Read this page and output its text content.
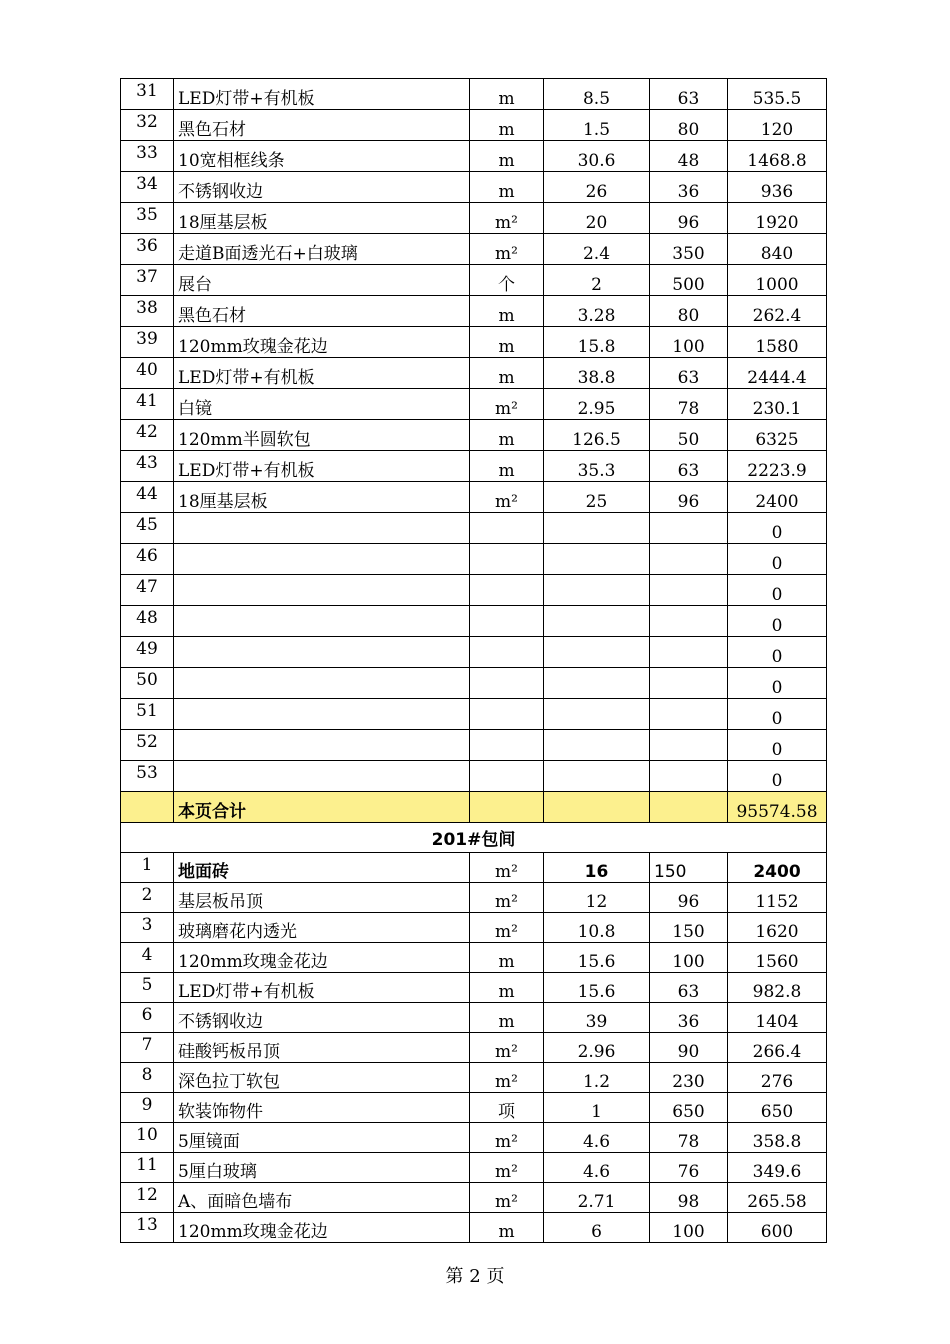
31	LED灯带+有机板	m	8.5	63	535.5
32	黑色石材	m	1.5	80	120
33	10宽相框线条	m	30.6	48	1468.8
34	不锈钢收边	m	26	36	936
35	18厘基层板	m²	20	96	1920
36	走道B面透光石+白玻璃	m²	2.4	350	840
37	展台	个	2	500	1000
38	黑色石材	m	3.28	80	262.4
39	120mm玫瑰金花边	m	15.8	100	1580
40	LED灯带+有机板	m	38.8	63	2444.4
41	白镜	m²	2.95	78	230.1
42	120mm半圆软包	m	126.5	50	6325
43	LED灯带+有机板	m	35.3	63	2223.9
44	18厘基层板	m²	25	96	2400
45					0
46					0
47					0
48					0
49					0
50					0
51					0
52					0
53					0
	本页合计				95574.58
201#包间					
1	地面砖	m²	16	150	2400
2	基层板吊顶	m²	12	96	1152
3	玻璃磨花内透光	m²	10.8	150	1620
4	120mm玫瑰金花边	m	15.6	100	1560
5	LED灯带+有机板	m	15.6	63	982.8
6	不锈钢收边	m	39	36	1404
7	硅酸钙板吊顶	m²	2.96	90	266.4
8	深色拉丁软包	m²	1.2	230	276
9	软装饰物件	项	1	650	650
10	5厘镜面	m²	4.6	78	358.8
11	5厘白玻璃	m²	4.6	76	349.6
12	A、面暗色墙布	m²	2.71	98	265.58
13	120mm玫瑰金花边	m	6	100	600
第 2 页
